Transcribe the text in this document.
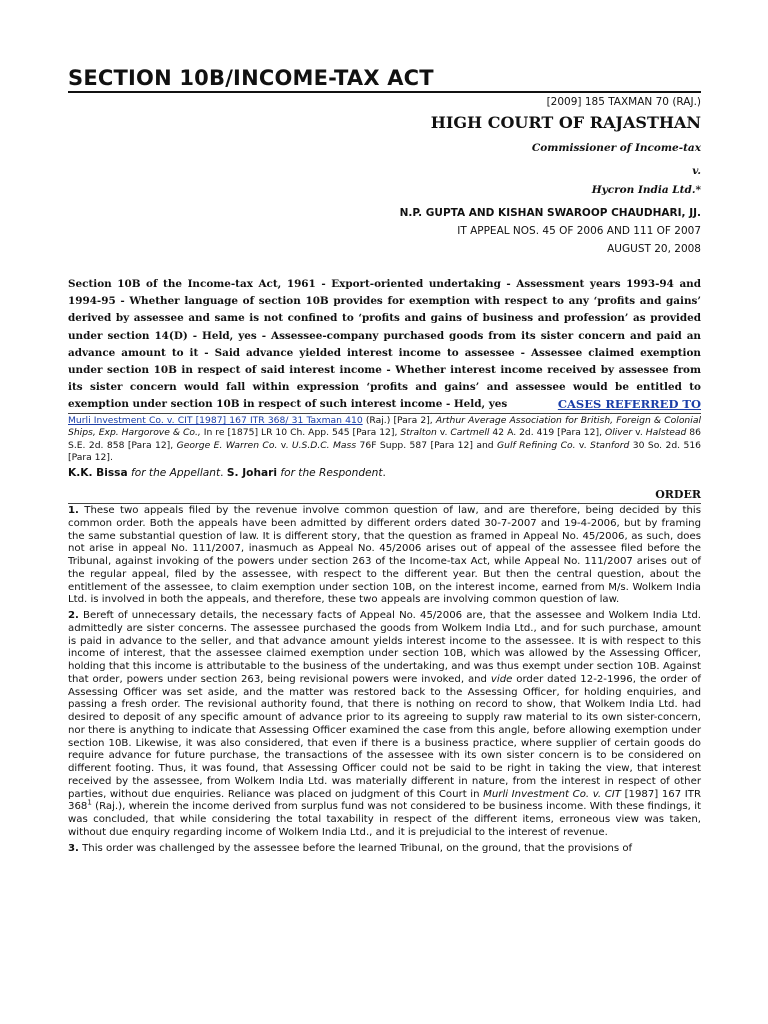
SECTION 10B/INCOME-TAX ACT
[2009] 185 TAXMAN 70 (RAJ.)
HIGH COURT OF RAJASTHAN
Commissioner of Income-tax
v.
Hycron India Ltd.*
N.P. GUPTA AND KISHAN SWAROOP CHAUDHARI, JJ.
IT APPEAL NOS. 45 OF 2006 AND 111 OF 2007
AUGUST 20, 2008
Section 10B of the Income-tax Act, 1961 - Export-oriented undertaking - Assessment years 1993-94 and 1994-95 - Whether language of section 10B provides for exemption with respect to any ‘profits and gains’ derived by assessee and same is not confined to ‘profits and gains of business and profession’ as provided under section 14(D) - Held, yes - Assessee-company purchased goods from its sister concern and paid an advance amount to it - Said advance yielded interest income to assessee - Assessee claimed exemption under section 10B in respect of said interest income - Whether interest income received by assessee from its sister concern would fall within expression ‘profits and gains’ and assessee would be entitled to exemption under section 10B in respect of such interest income - Held, yes	CASES REFERRED TO
Murli Investment Co. v. CIT [1987] 167 ITR 368/ 31 Taxman 410 (Raj.) [Para 2], Arthur Average Association for British, Foreign & Colonial Ships, Exp. Hargorove & Co., In re [1875] LR 10 Ch. App. 545 [Para 12], Stralton v. Cartmell 42 A. 2d. 419 [Para 12], Oliver v. Halstead 86 S.E. 2d. 858 [Para 12], George E. Warren Co. v. U.S.D.C. Mass 76F Supp. 587 [Para 12] and Gulf Refining Co. v. Stanford 30 So. 2d. 516 [Para 12].
K.K. Bissa for the Appellant. S. Johari for the Respondent.
ORDER

1. These two appeals filed by the revenue involve common question of law, and are therefore, being decided by this common order. Both the appeals have been admitted by different orders dated 30-7-2007 and 19-4-2006, but by framing the same substantial question of law. It is different story, that the question as framed in Appeal No. 45/2006, as such, does not arise in appeal No. 111/2007, inasmuch as Appeal No. 45/2006 arises out of appeal of the assessee filed before the Tribunal, against invoking of the powers under section 263 of the Income-tax Act, while Appeal No. 111/2007 arises out of the regular appeal, filed by the assessee, with respect to the different year. But then the central question, about the entitlement of the assessee, to claim exemption under section 10B, on the interest income, earned from M/s. Wolkem India Ltd. is involved in both the appeals, and therefore, these two appeals are involving common question of law.

2. Bereft of unnecessary details, the necessary facts of Appeal No. 45/2006 are, that the assessee and Wolkem India Ltd. admittedly are sister concerns. The assessee purchased the goods from Wolkem India Ltd., and for such purchase, amount is paid in advance to the seller, and that advance amount yields interest income to the assessee. It is with respect to this income of interest, that the assessee claimed exemption under section 10B, which was allowed by the Assessing Officer, holding that this income is attributable to the business of the undertaking, and was thus exempt under section 10B. Against that order, powers under section 263, being revisional powers were invoked, and vide order dated 12-2-1996, the order of Assessing Officer was set aside, and the matter was restored back to the Assessing Officer, for holding enquiries, and passing a fresh order. The revisional authority found, that there is nothing on record to show, that Wolkem India Ltd. had desired to deposit of any specific amount of advance prior to its agreeing to supply raw material to its own sister-concern, nor there is anything to indicate that Assessing Officer examined the case from this angle, before allowing exemption under section 10B. Likewise, it was also considered, that even if there is a business practice, where supplier of certain goods do require advance for future purchase, the transactions of the assessee with its own sister concern is to be considered on different footing. Thus, it was found, that Assessing Officer could not be said to be right in taking the view, that interest received by the assessee, from Wolkem India Ltd. was materially different in nature, from the interest in respect of other parties, without due enquiries. Reliance was placed on judgment of this Court in Murli Investment Co. v. CIT [1987] 167 ITR $368^1$ (Raj.), wherein the income derived from surplus fund was not considered to be business income. With these findings, it was concluded, that while considering the total taxability in respect of the different items, erroneous view was taken, without due enquiry regarding income of Wolkem India Ltd., and it is prejudicial to the interest of revenue.

3. This order was challenged by the assessee before the learned Tribunal, on the ground, that the provisions of
